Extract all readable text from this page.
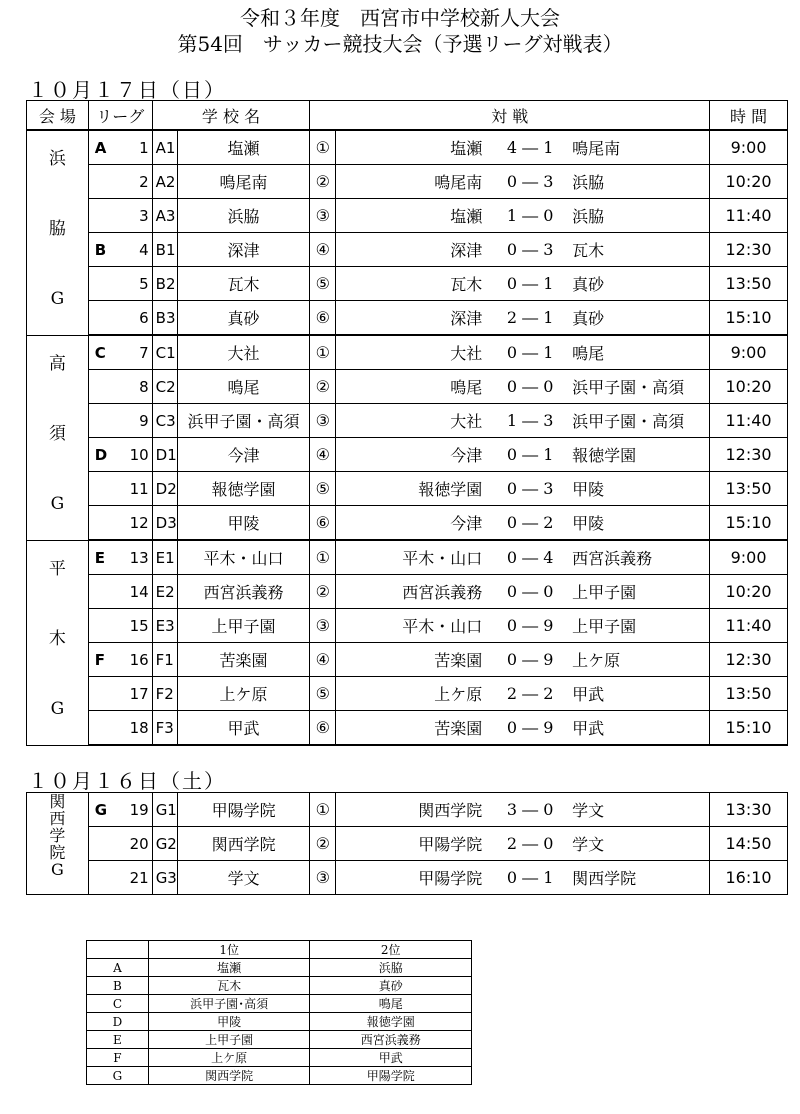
令和３年度　西宮市中学校新人大会
第54回　サッカー競技大会（予選リーグ対戦表）
１０月１７日（日）
会 場	リーグ		学 校 名		対 戦				時 間

浜
脇
G	A	1	A1	塩瀬	①	塩瀬	4 ― 1	鳴尾南	9:00
		2	A2	鳴尾南	②	鳴尾南	0 ― 3	浜脇	10:20
		3	A3	浜脇	③	塩瀬	1 ― 0	浜脇	11:40
	B	4	B1	深津	④	深津	0 ― 3	瓦木	12:30
		5	B2	瓦木	⑤	瓦木	0 ― 1	真砂	13:50
		6	B3	真砂	⑥	深津	2 ― 1	真砂	15:10

高
須
G	C	7	C1	大社	①	大社	0 ― 1	鳴尾	9:00
		8	C2	鳴尾	②	鳴尾	0 ― 0	浜甲子園・高須	10:20
		9	C3	浜甲子園・高須	③	大社	1 ― 3	浜甲子園・高須	11:40
	D	10	D1	今津	④	今津	0 ― 1	報徳学園	12:30
		11	D2	報徳学園	⑤	報徳学園	0 ― 3	甲陵	13:50
		12	D3	甲陵	⑥	今津	0 ― 2	甲陵	15:10

平
木
G	E	13	E1	平木・山口	①	平木・山口	0 ― 4	西宮浜義務	9:00
		14	E2	西宮浜義務	②	西宮浜義務	0 ― 0	上甲子園	10:20
		15	E3	上甲子園	③	平木・山口	0 ― 9	上甲子園	11:40
	F	16	F1	苦楽園	④	苦楽園	0 ― 9	上ケ原	12:30
		17	F2	上ケ原	⑤	上ケ原	2 ― 2	甲武	13:50
		18	F3	甲武	⑥	苦楽園	0 ― 9	甲武	15:10
１０月１６日（土）
関
西
学
院
G	G	19	G1	甲陽学院	①	関西学院	3 ― 0	学文	13:30
		20	G2	関西学院	②	甲陽学院	2 ― 0	学文	14:50
		21	G3	学文	③	甲陽学院	0 ― 1	関西学院	16:10
	1位	2位
A	塩瀬	浜脇
B	瓦木	真砂
C	浜甲子園･高須	鳴尾
D	甲陵	報徳学園
E	上甲子園	西宮浜義務
F	上ケ原	甲武
G	関西学院	甲陽学院
